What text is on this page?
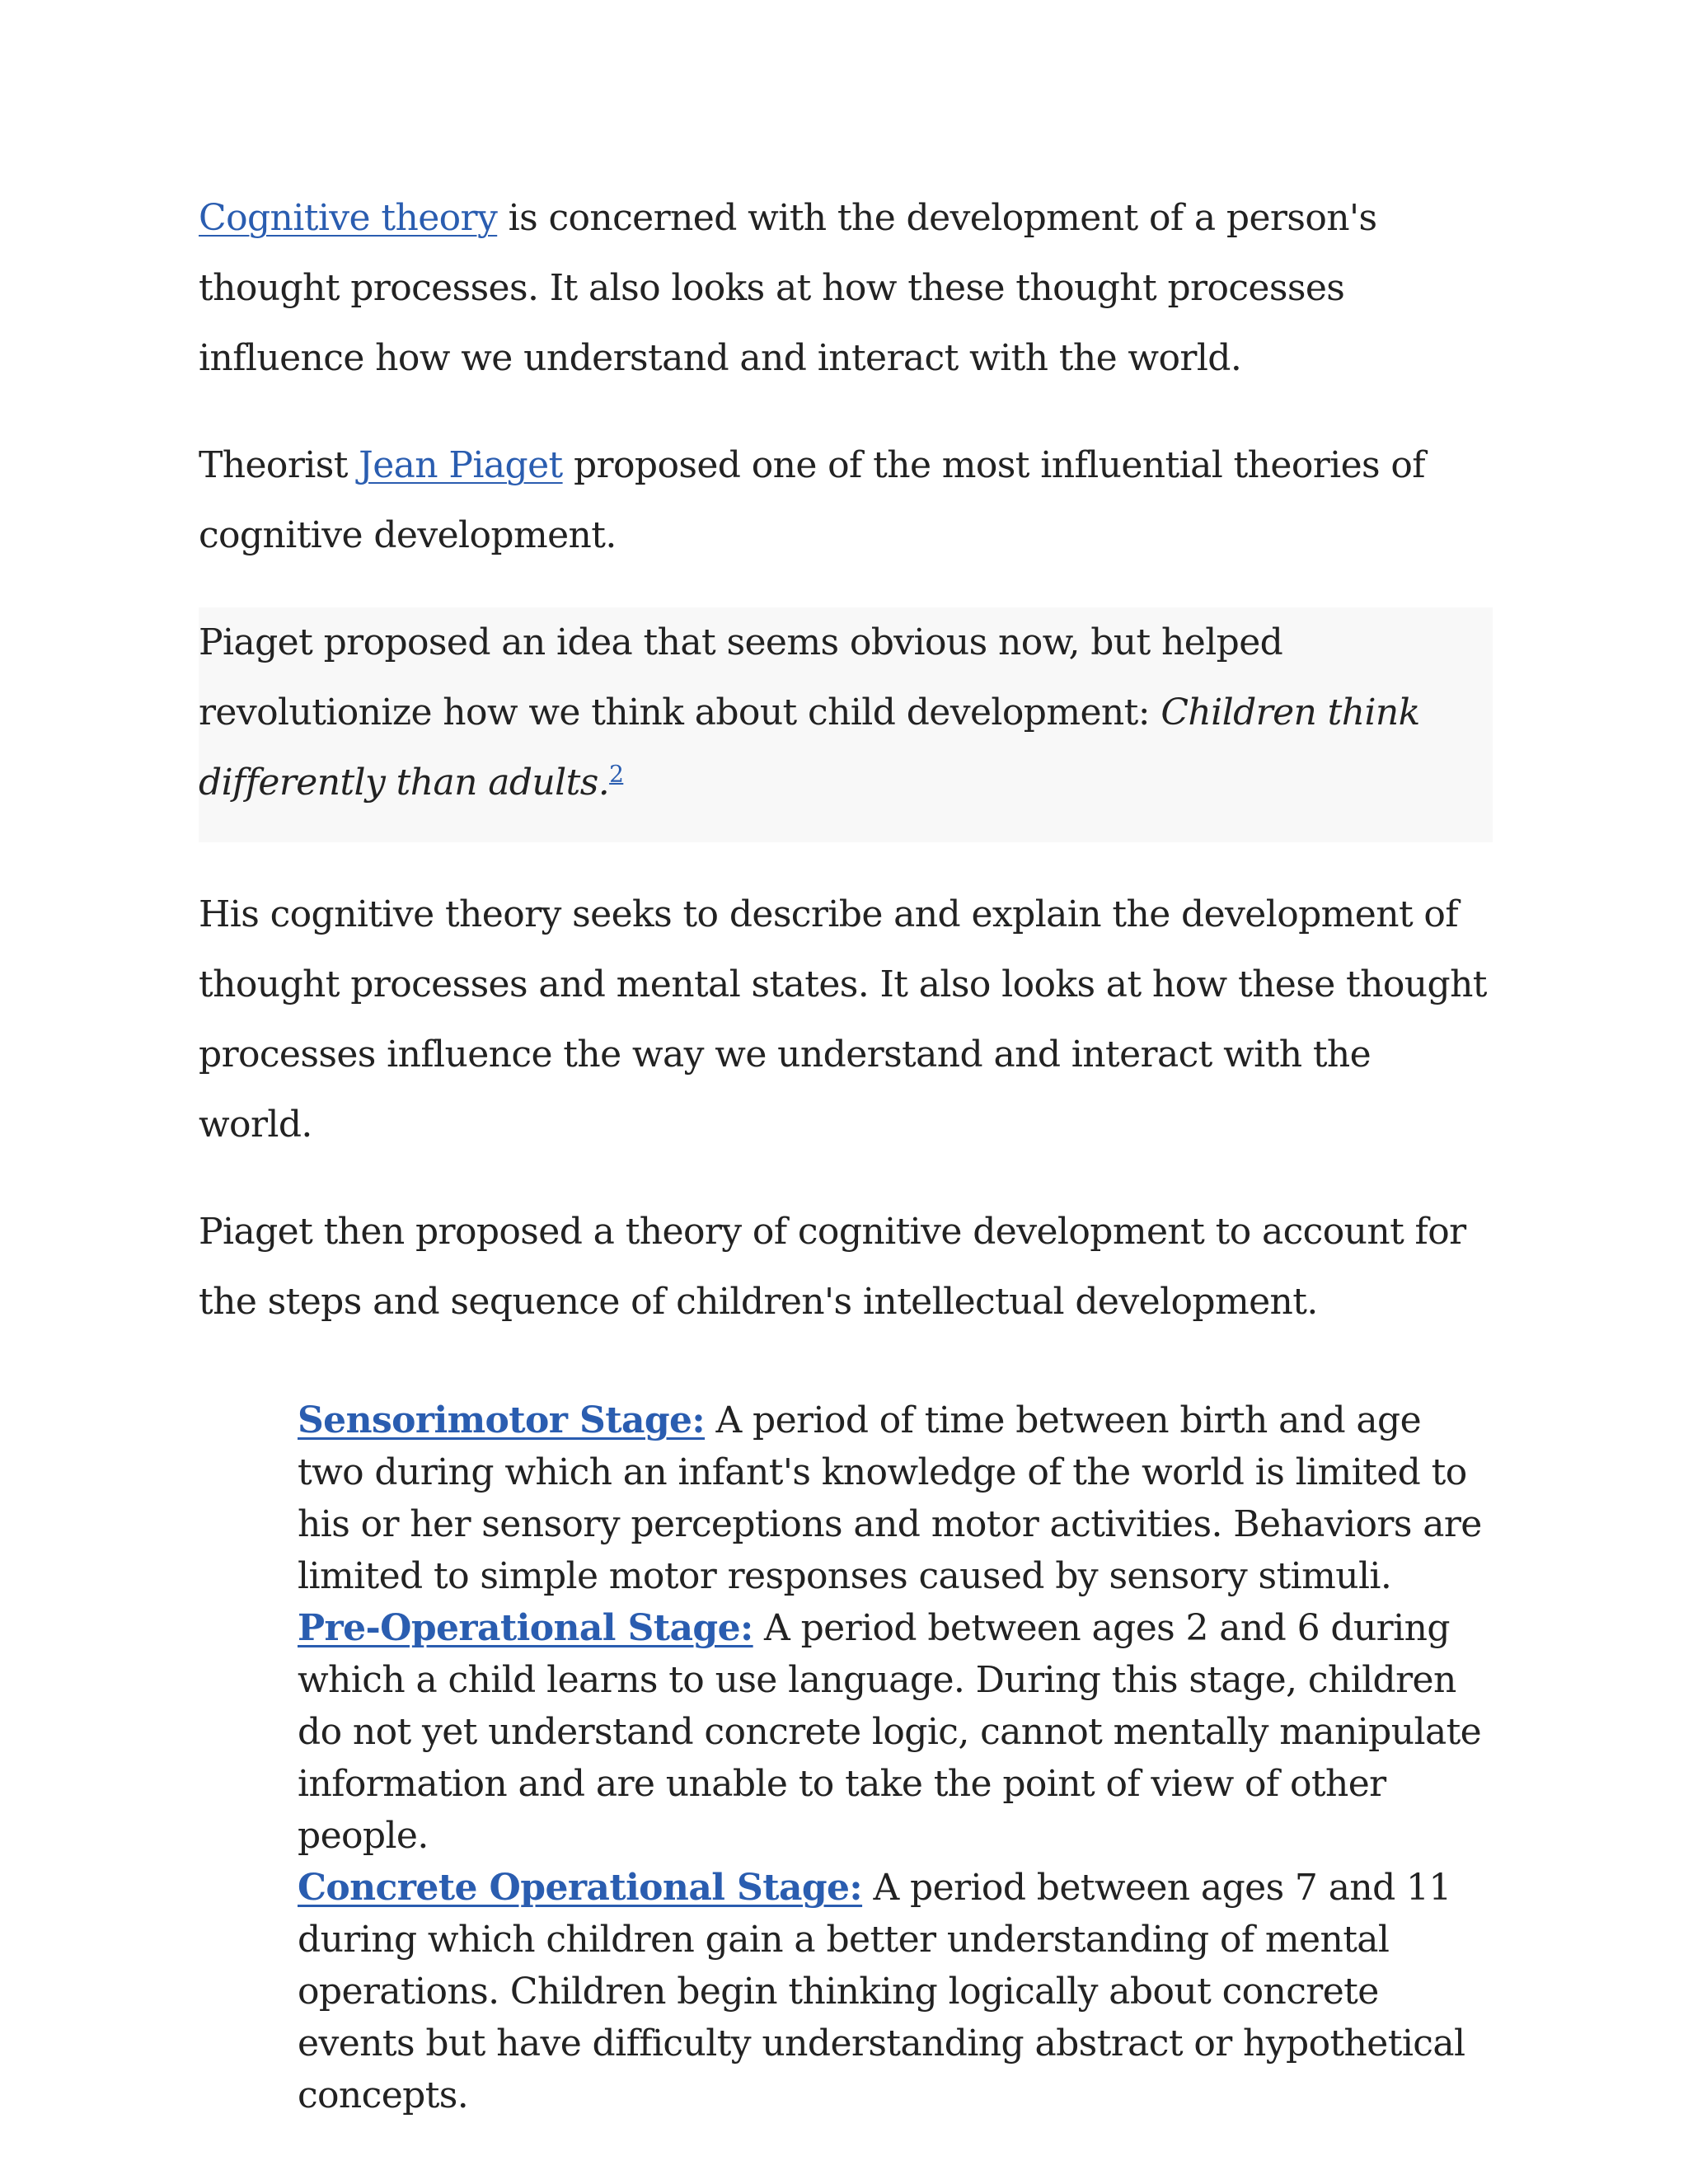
Cognitive theory is concerned with the development of a person's thought processes. It also looks at how these thought processes influence how we understand and interact with the world.

Theorist Jean Piaget proposed one of the most influential theories of cognitive development.

Piaget proposed an idea that seems obvious now, but helped revolutionize how we think about child development: Children think differently than adults.$^2$

His cognitive theory seeks to describe and explain the development of thought processes and mental states. It also looks at how these thought processes influence the way we understand and interact with the world.

Piaget then proposed a theory of cognitive development to account for the steps and sequence of children's intellectual development.

Sensorimotor Stage: A period of time between birth and age two during which an infant's knowledge of the world is limited to his or her sensory perceptions and motor activities. Behaviors are limited to simple motor responses caused by sensory stimuli.

Pre-Operational Stage: A period between ages 2 and 6 during which a child learns to use language. During this stage, children do not yet understand concrete logic, cannot mentally manipulate information and are unable to take the point of view of other people.

Concrete Operational Stage: A period between ages 7 and 11 during which children gain a better understanding of mental operations. Children begin thinking logically about concrete events but have difficulty understanding abstract or hypothetical concepts.
